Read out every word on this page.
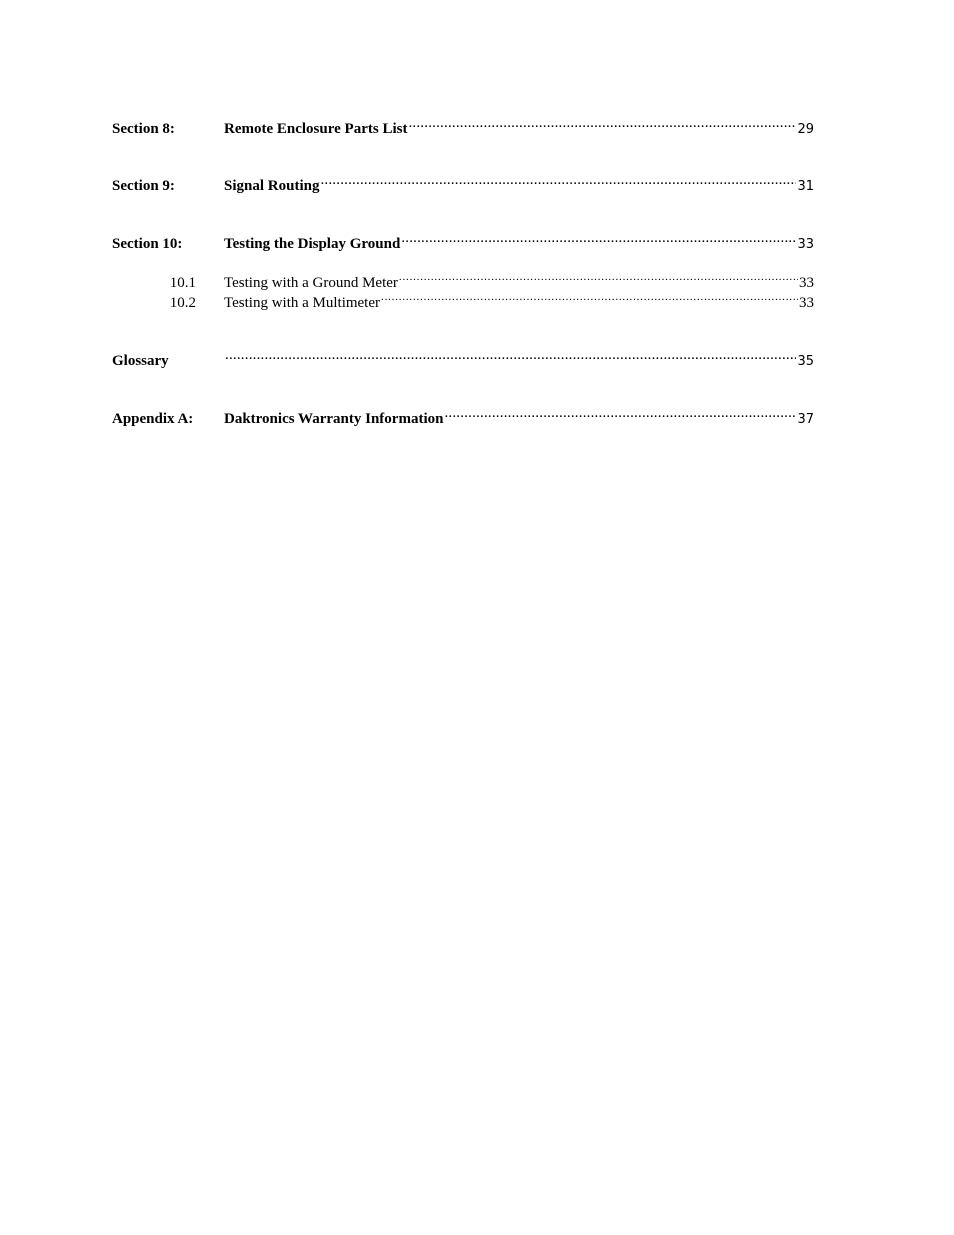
Section 8:	Remote Enclosure Parts List .....	29
Section 9:	Signal Routing .....	31
Section 10:	Testing the Display Ground .....	33
10.1	Testing with a Ground Meter .....	33
10.2	Testing with a Multimeter .....	33
Glossary .....	35
Appendix A:	Daktronics Warranty Information .....	37
